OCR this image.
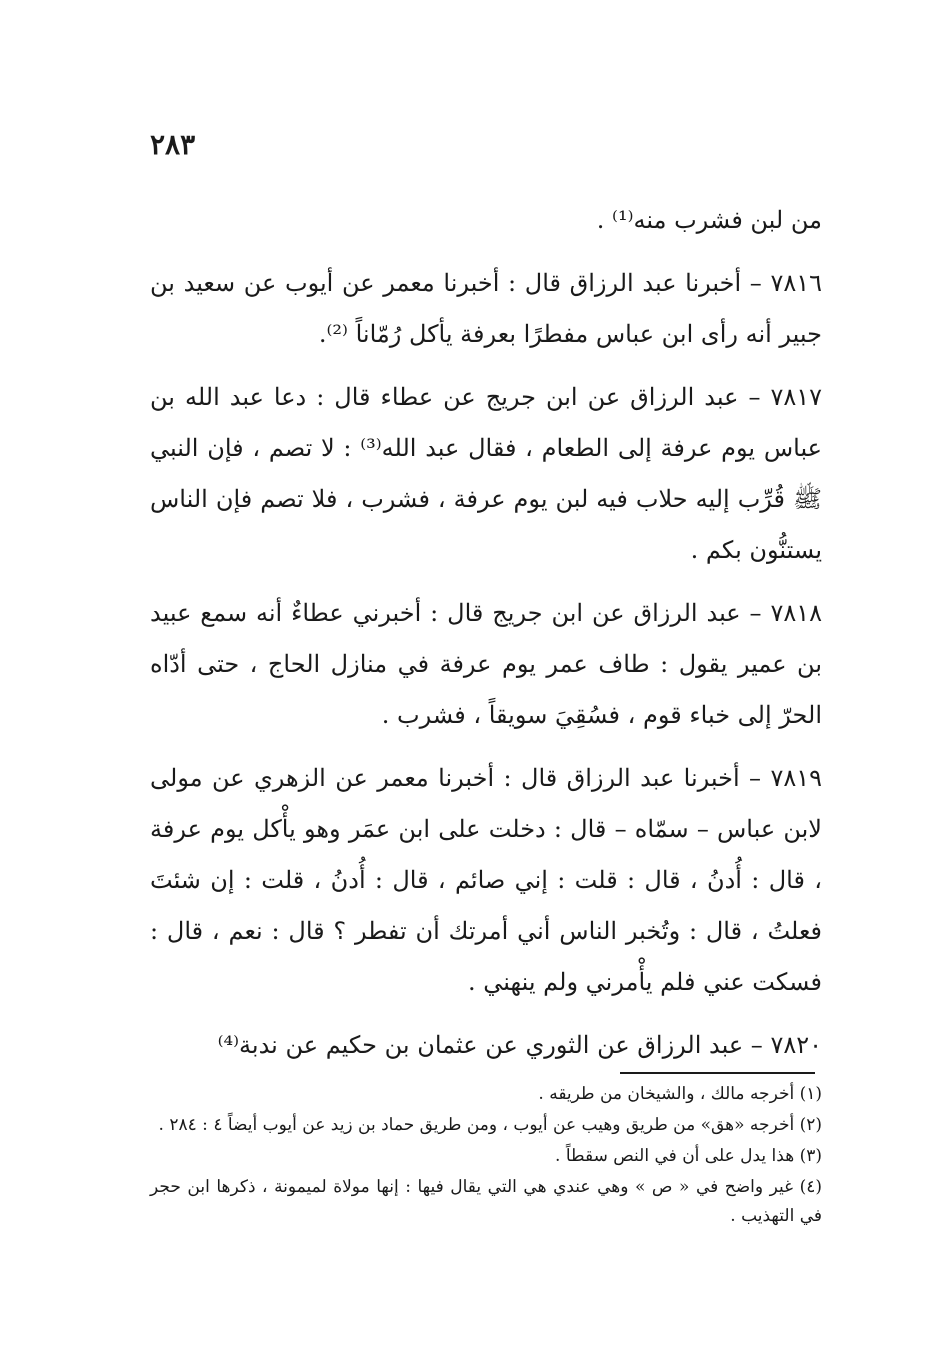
٢٨٣

من لبن فشرب منه⁽¹⁾ .

٧٨١٦ – أخبرنا عبد الرزاق قال : أخبرنا معمر عن أيوب عن سعيد بن جبير أنه رأى ابن عباس مفطرًا بعرفة يأكل رُمّاناً ⁽²⁾.

٧٨١٧ – عبد الرزاق عن ابن جريج عن عطاء قال : دعا عبد الله بن عباس يوم عرفة إلى الطعام ، فقال عبد الله⁽³⁾ : لا تصم ، فإن النبي ﷺ قُرِّب إليه حلاب فيه لبن يوم عرفة ، فشرب ، فلا تصم فإن الناس يستنُّون بكم .

٧٨١٨ – عبد الرزاق عن ابن جريج قال : أخبرني عطاءٌ أنه سمع عبيد بن عمير يقول : طاف عمر يوم عرفة في منازل الحاج ، حتى أدّاه الحرّ إلى خباء قوم ، فسُقِيَ سويقاً ، فشرب .

٧٨١٩ – أخبرنا عبد الرزاق قال : أخبرنا معمر عن الزهري عن مولى لابن عباس – سمّاه – قال : دخلت على ابن عمَر وهو يأْكل يوم عرفة ، قال : أُدنُ ، قال : قلت : إني صائم ، قال : أُدنُ ، قلت : إن شئتَ فعلتُ ، قال : وتُخبر الناس أني أمرتك أن تفطر ؟ قال : نعم ، قال : فسكت عني فلم يأْمرني ولم ينهني .

٧٨٢٠ – عبد الرزاق عن الثوري عن عثمان بن حكيم عن ندبة⁽⁴⁾

(١) أخرجه مالك ، والشيخان من طريقه .

(٢) أخرجه «هق» من طريق وهيب عن أيوب ، ومن طريق حماد بن زيد عن أيوب أيضاً ٤ : ٢٨٤ .

(٣) هذا يدل على أن في النص سقطاً .

(٤) غير واضح في « ص » وهي عندي هي التي يقال فيها : إنها مولاة لميمونة ، ذكرها ابن حجر في التهذيب .
